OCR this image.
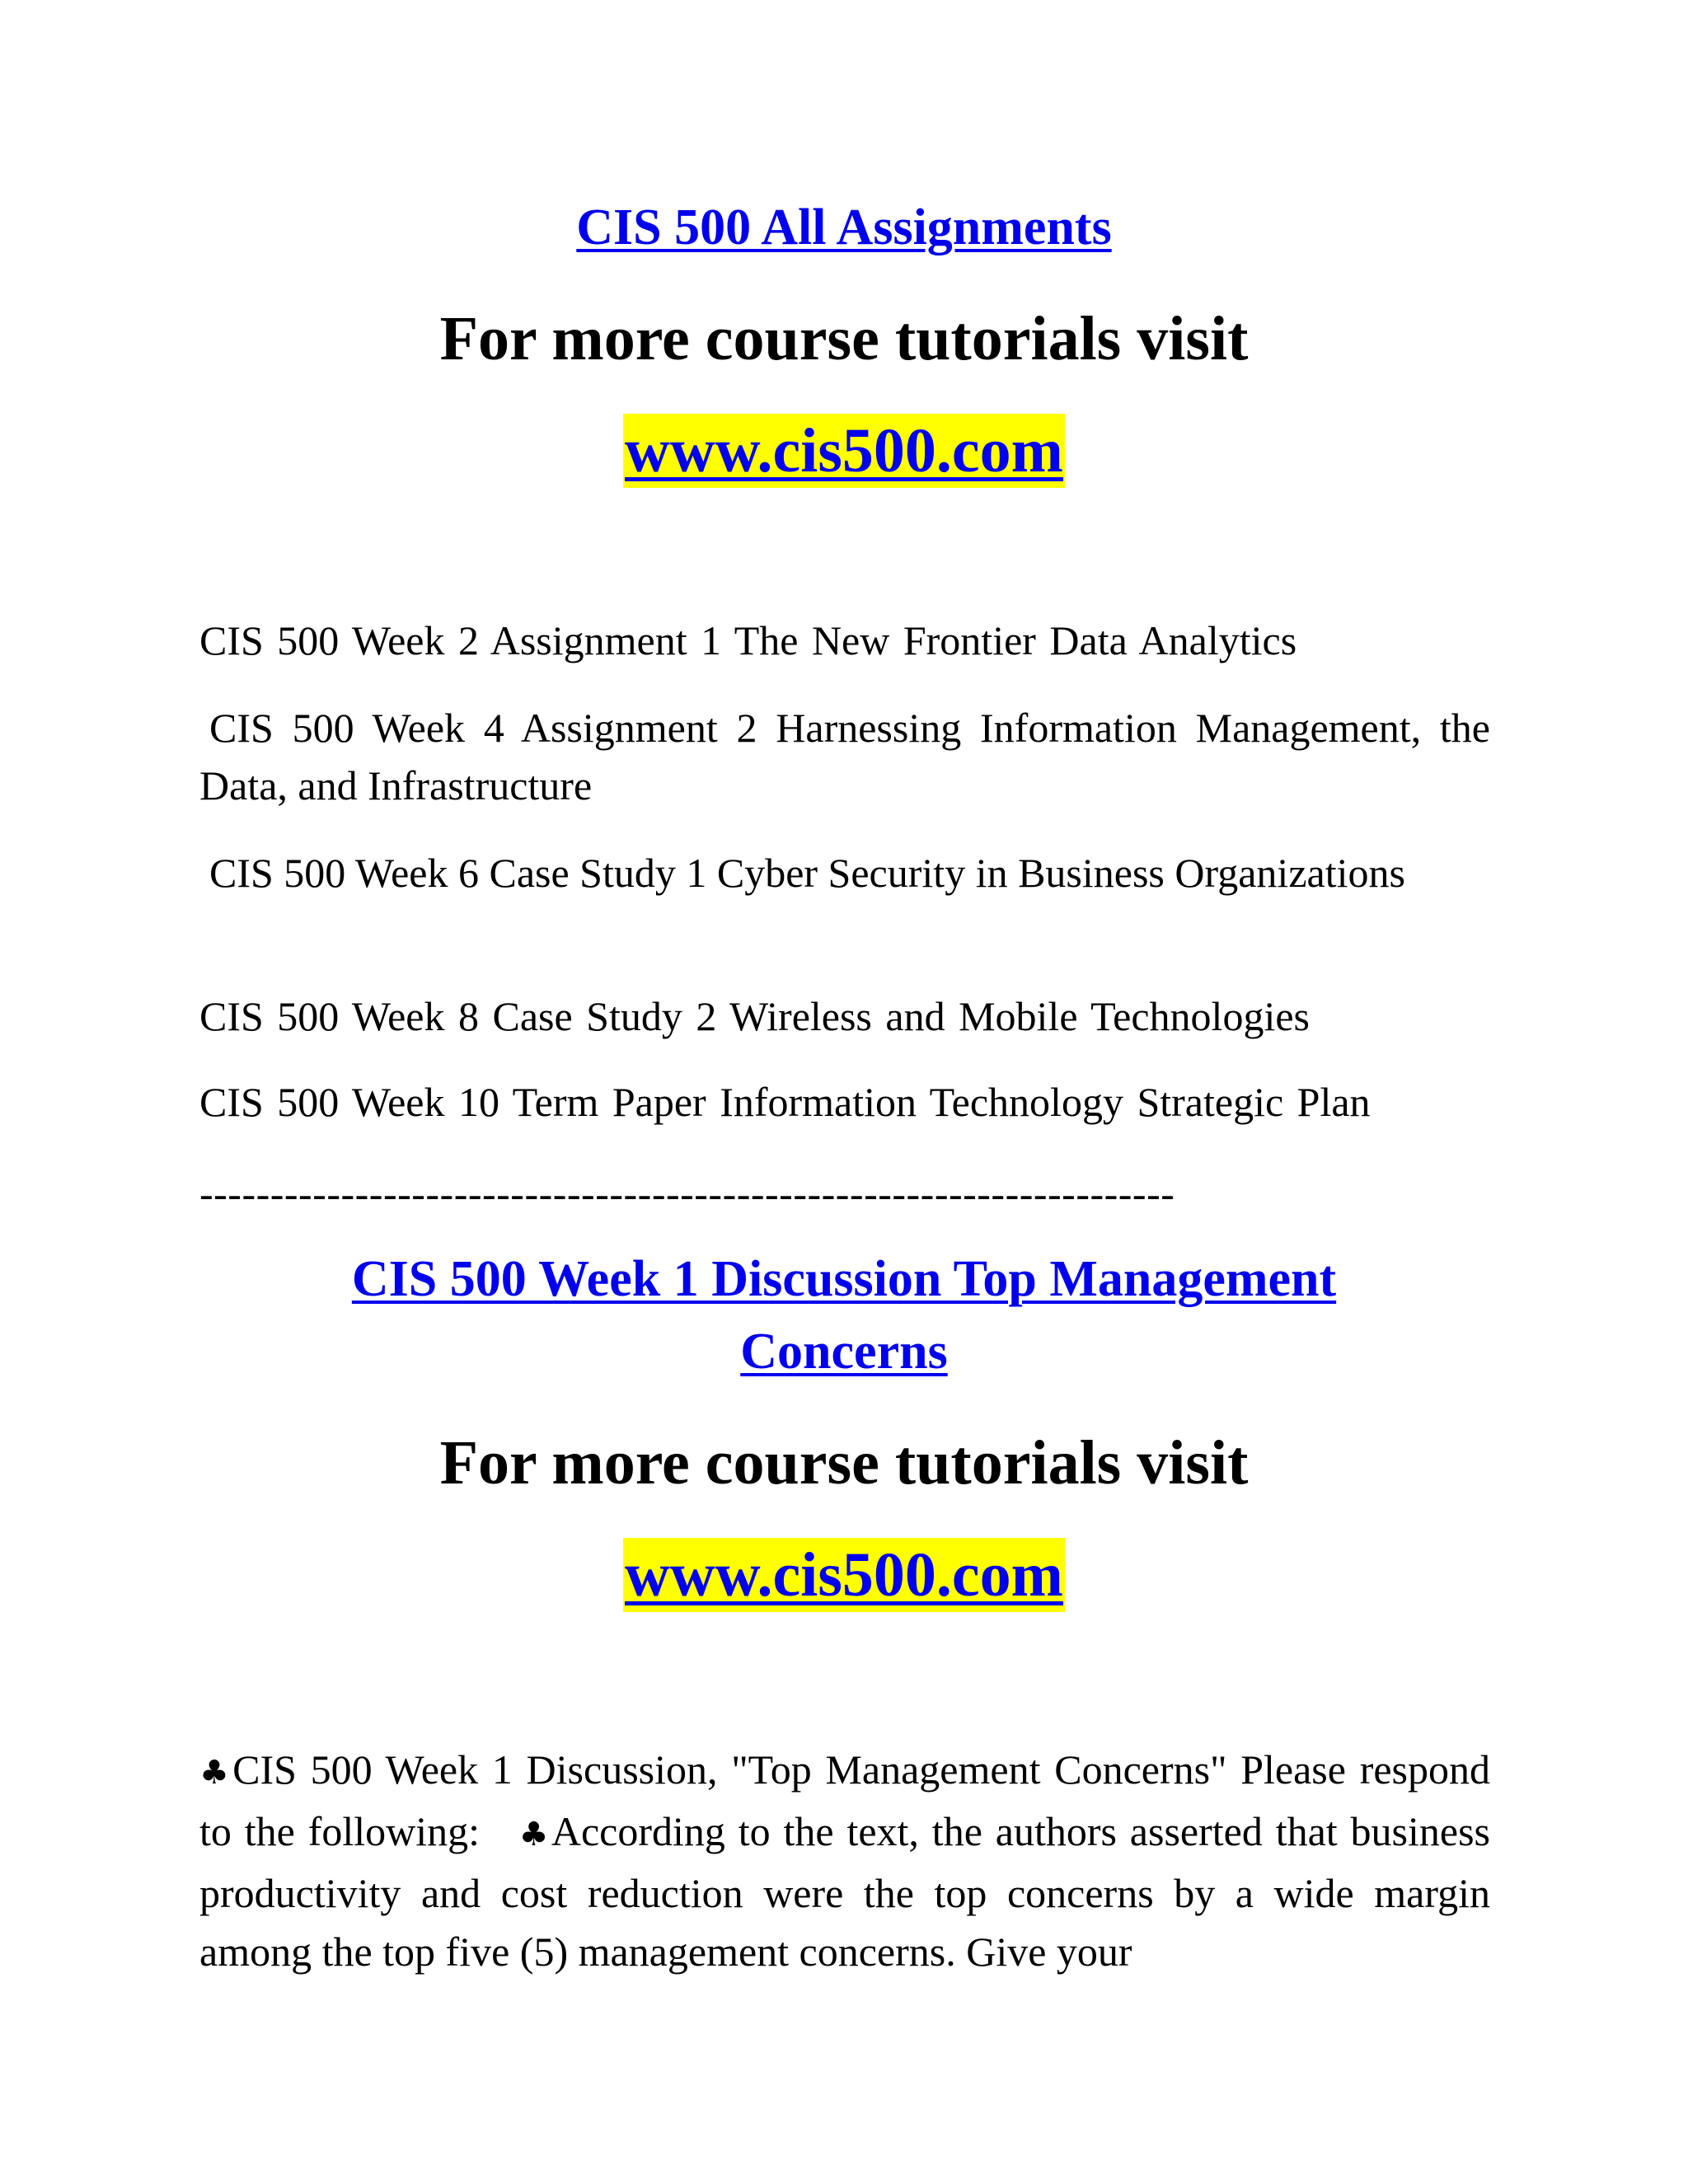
CIS 500 All Assignments
For more course tutorials visit
www.cis500.com
CIS 500 Week 2 Assignment 1 The New Frontier Data Analytics
CIS 500 Week 4 Assignment 2 Harnessing Information Management, the Data, and Infrastructure
CIS 500 Week 6 Case Study 1 Cyber Security in Business Organizations
CIS 500 Week 8 Case Study 2 Wireless and Mobile Technologies
CIS 500 Week 10 Term Paper Information Technology Strategic Plan
---------------------------------------------------------------------
CIS 500 Week 1 Discussion Top Management
Concerns
For more course tutorials visit
www.cis500.com
♣CIS 500 Week 1 Discussion, "Top Management Concerns" Please respond to the following: ♣According to the text, the authors asserted that business productivity and cost reduction were the top concerns by a wide margin among the top five (5) management concerns. Give your
